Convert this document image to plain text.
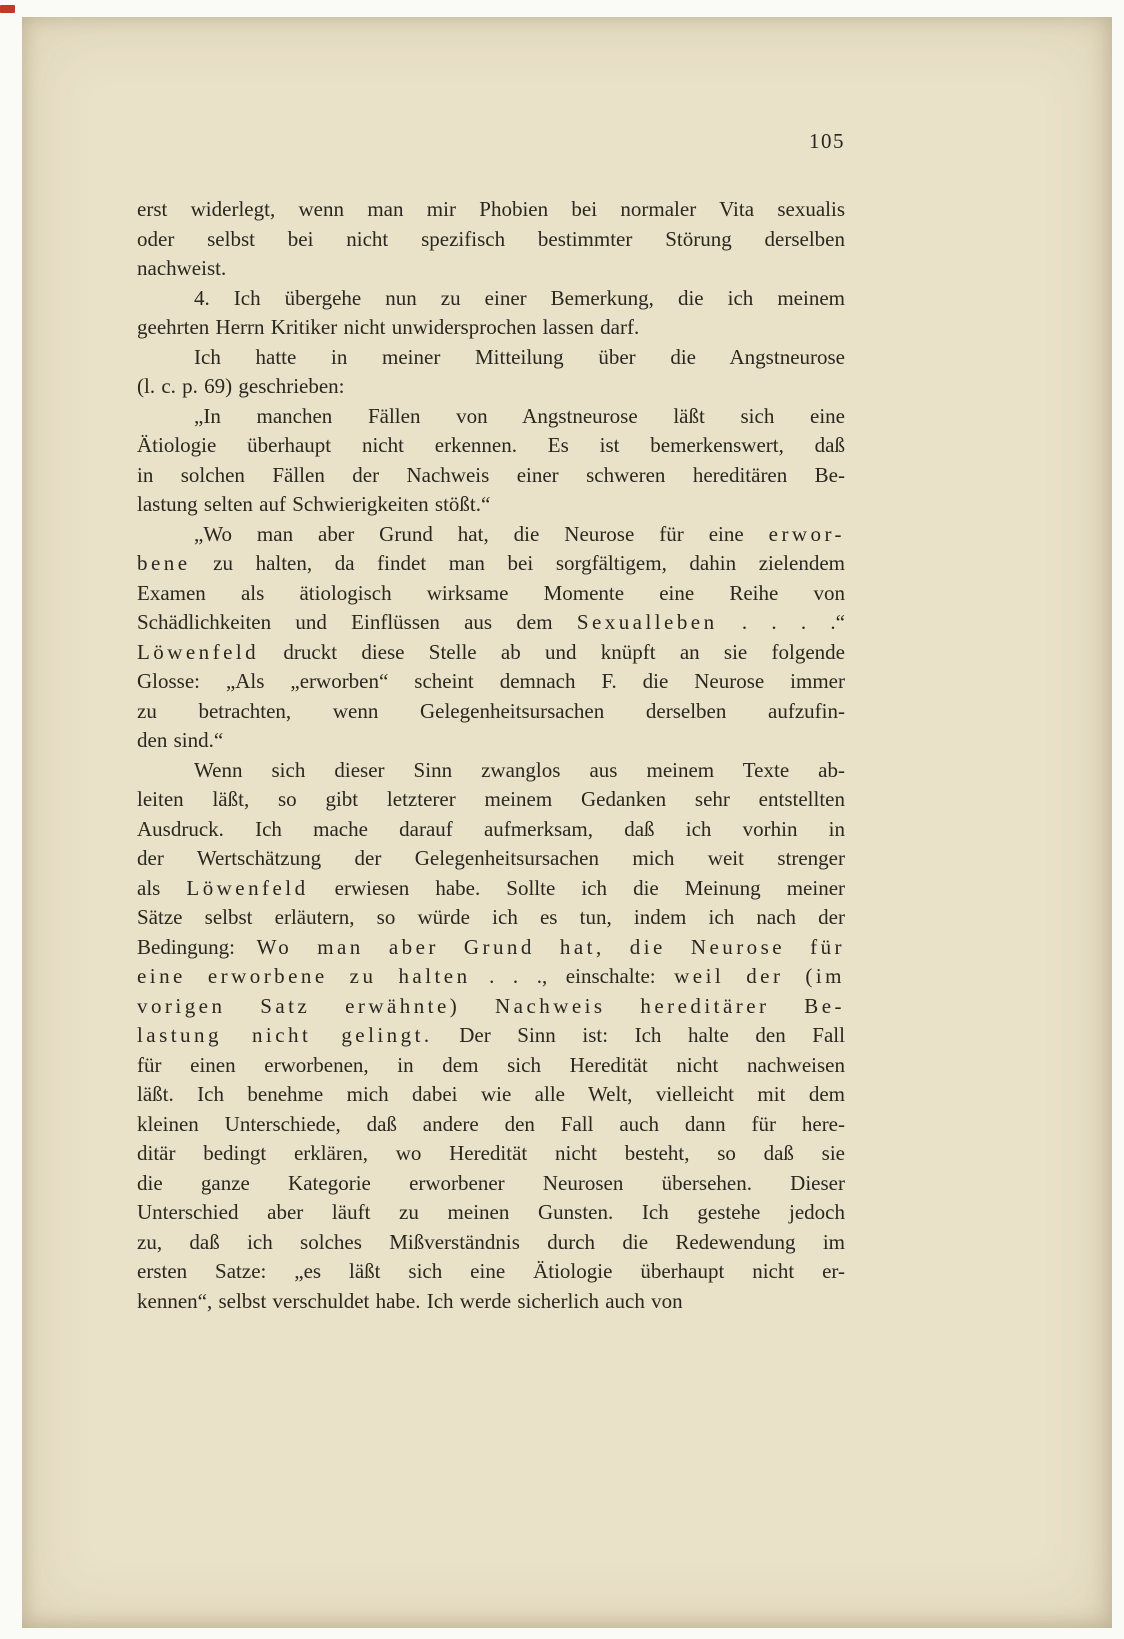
105
erst widerlegt, wenn man mir Phobien bei normaler Vita sexualis
oder selbst bei nicht spezifisch bestimmter Störung derselben
nachweist.
4. Ich übergehe nun zu einer Bemerkung, die ich meinem
geehrten Herrn Kritiker nicht unwidersprochen lassen darf.
Ich hatte in meiner Mitteilung über die Angstneurose
(l. c. p. 69) geschrieben:
„In manchen Fällen von Angstneurose läßt sich eine
Ätiologie überhaupt nicht erkennen. Es ist bemerkenswert, daß
in solchen Fällen der Nachweis einer schweren hereditären Be-
lastung selten auf Schwierigkeiten stößt.“
„Wo man aber Grund hat, die Neurose für eine erwor-
bene zu halten, da findet man bei sorgfältigem, dahin zielendem
Examen als ätiologisch wirksame Momente eine Reihe von
Schädlichkeiten und Einflüssen aus dem Sexualleben . . . .“
Löwenfeld druckt diese Stelle ab und knüpft an sie folgende
Glosse: „Als „erworben“ scheint demnach F. die Neurose immer
zu betrachten, wenn Gelegenheitsursachen derselben aufzufin-
den sind.“
Wenn sich dieser Sinn zwanglos aus meinem Texte ab-
leiten läßt, so gibt letzterer meinem Gedanken sehr entstellten
Ausdruck. Ich mache darauf aufmerksam, daß ich vorhin in
der Wertschätzung der Gelegenheitsursachen mich weit strenger
als Löwenfeld erwiesen habe. Sollte ich die Meinung meiner
Sätze selbst erläutern, so würde ich es tun, indem ich nach der
Bedingung: Wo man aber Grund hat, die Neurose für
eine erworbene zu halten . . ., einschalte: weil der (im
vorigen Satz erwähnte) Nachweis hereditärer Be-
lastung nicht gelingt. Der Sinn ist: Ich halte den Fall
für einen erworbenen, in dem sich Heredität nicht nachweisen
läßt. Ich benehme mich dabei wie alle Welt, vielleicht mit dem
kleinen Unterschiede, daß andere den Fall auch dann für here-
ditär bedingt erklären, wo Heredität nicht besteht, so daß sie
die ganze Kategorie erworbener Neurosen übersehen. Dieser
Unterschied aber läuft zu meinen Gunsten. Ich gestehe jedoch
zu, daß ich solches Mißverständnis durch die Redewendung im
ersten Satze: „es läßt sich eine Ätiologie überhaupt nicht er-
kennen“, selbst verschuldet habe. Ich werde sicherlich auch von
